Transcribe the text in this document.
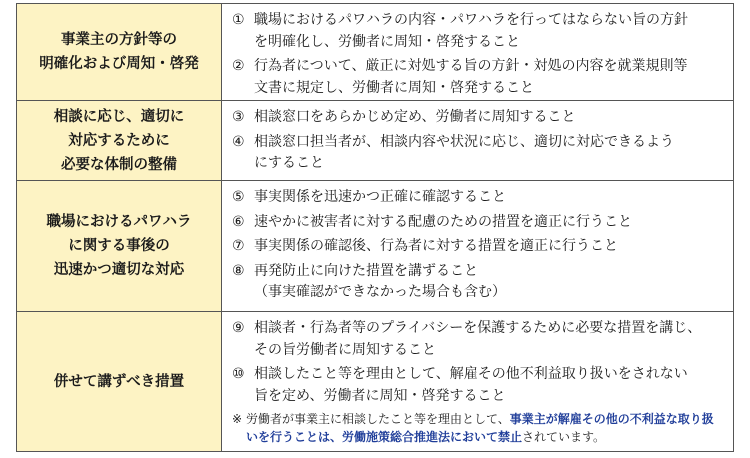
事業主の方針等の
明確化および周知・啓発
① 職場におけるパワハラの内容・パワハラを行ってはならない旨の方針
を明確化し、労働者に周知・啓発すること
② 行為者について、厳正に対処する旨の方針・対処の内容を就業規則等
文書に規定し、労働者に周知・啓発すること
相談に応じ、適切に
対応するために
必要な体制の整備
③ 相談窓口をあらかじめ定め、労働者に周知すること
④ 相談窓口担当者が、相談内容や状況に応じ、適切に対応できるよう
にすること
職場におけるパワハラ
に関する事後の
迅速かつ適切な対応
⑤ 事実関係を迅速かつ正確に確認すること
⑥ 速やかに被害者に対する配慮のための措置を適正に行うこと
⑦ 事実関係の確認後、行為者に対する措置を適正に行うこと
⑧ 再発防止に向けた措置を講ずること
（事実確認ができなかった場合も含む）
併せて講ずべき措置
⑨ 相談者・行為者等のプライバシーを保護するために必要な措置を講じ、
その旨労働者に周知すること
⑩ 相談したこと等を理由として、解雇その他不利益取り扱いをされない
旨を定め、労働者に周知・啓発すること
※ 労働者が事業主に相談したこと等を理由として、事業主が解雇その他の不利益な取り扱いを行うことは、労働施策総合推進法において禁止されています。
